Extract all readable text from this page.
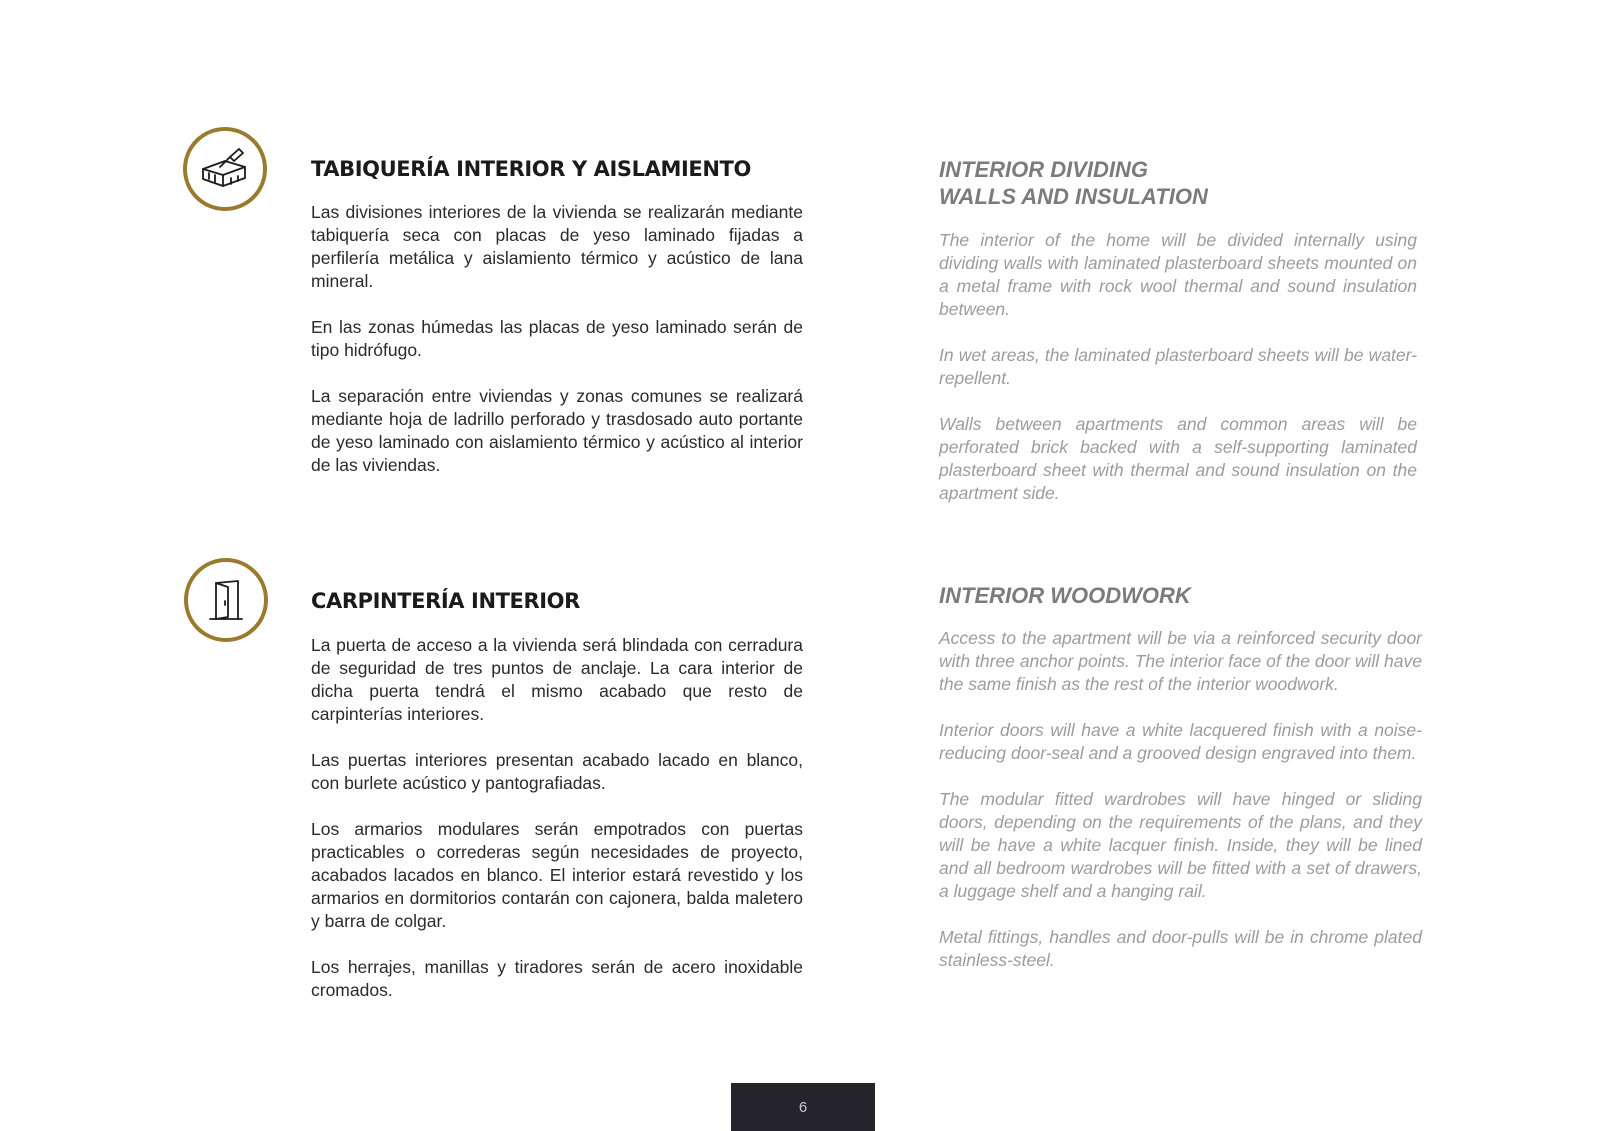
TABIQUERÍA INTERIOR Y AISLAMIENTO

Las divisiones interiores de la vivienda se realizarán mediante tabiquería seca con placas de yeso laminado fijadas a perfilería metálica y aislamiento térmico y acústico de lana mineral.

En las zonas húmedas las placas de yeso laminado serán de tipo hidrófugo.

La separación entre viviendas y zonas comunes se realizará mediante hoja de ladrillo perforado y trasdosado auto portante de yeso laminado con aislamiento térmico y acústico al interior de las viviendas.

INTERIOR DIVIDING WALLS AND INSULATION

The interior of the home will be divided internally using dividing walls with laminated plasterboard sheets mounted on a metal frame with rock wool thermal and sound insulation between.

In wet areas, the laminated plasterboard sheets will be water-repellent.

Walls between apartments and common areas will be perforated brick backed with a self-supporting laminated plasterboard sheet with thermal and sound insulation on the apartment side.

CARPINTERÍA INTERIOR

La puerta de acceso a la vivienda será blindada con cerradura de seguridad de tres puntos de anclaje. La cara interior de dicha puerta tendrá el mismo acabado que resto de carpinterías interiores.

Las puertas interiores presentan acabado lacado en blanco, con burlete acústico y pantografiadas.

Los armarios modulares serán empotrados con puertas practicables o correderas según necesidades de proyecto, acabados lacados en blanco. El interior estará revestido y los armarios en dormitorios contarán con cajonera, balda maletero y barra de colgar.

Los herrajes, manillas y tiradores serán de acero inoxidable cromados.

INTERIOR WOODWORK

Access to the apartment will be via a reinforced security door with three anchor points. The interior face of the door will have the same finish as the rest of the interior woodwork.

Interior doors will have a white lacquered finish with a noise-reducing door-seal and a grooved design engraved into them.

The modular fitted wardrobes will have hinged or sliding doors, depending on the requirements of the plans, and they will be have a white lacquer finish. Inside, they will be lined and all bedroom wardrobes will be fitted with a set of drawers, a luggage shelf and a hanging rail.

Metal fittings, handles and door-pulls will be in chrome plated stainless-steel.

6
